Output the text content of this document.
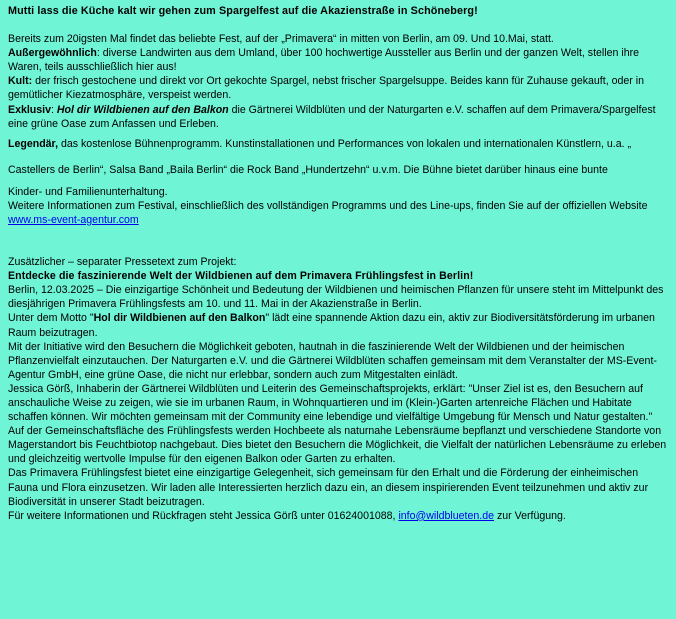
Mutti lass die Küche kalt wir gehen zum Spargelfest auf die Akazienstraße in Schöneberg!

Bereits zum 20igsten Mal findet das beliebte Fest, auf der „Primavera“ in mitten von Berlin, am 09. Und 10.Mai, statt.

Außergewöhnlich: diverse Landwirten aus dem Umland, über 100 hochwertige Aussteller aus Berlin und der ganzen Welt, stellen ihre Waren, teils ausschließlich hier aus!

Kult: der frisch gestochene und direkt vor Ort gekochte Spargel, nebst frischer Spargelsuppe. Beides kann für Zuhause gekauft, oder in gemütlicher Kiezatmosphäre, verspeist werden.

Exklusiv: Hol dir Wildbienen auf den Balkon die Gärtnerei Wildblüten und der Naturgarten e.V. schaffen auf dem Primavera/Spargelfest eine grüne Oase zum Anfassen und Erleben.

Legendär, das kostenlose Bühnenprogramm. Kunstinstallationen und Performances von lokalen und internationalen Künstlern, u.a. „

Castellers de Berlin“, Salsa Band „Baila Berlin“ die Rock Band „Hundertzehn“ u.v.m. Die Bühne bietet darüber hinaus eine bunte

Kinder- und Familienunterhaltung.

Weitere Informationen zum Festival, einschließlich des vollständigen Programms und des Line-ups, finden Sie auf der offiziellen Website www.ms-event-agentur.com

Zusätzlicher – separater Pressetext zum Projekt:

Entdecke die faszinierende Welt der Wildbienen auf dem Primavera Frühlingsfest in Berlin!

Berlin, 12.03.2025 – Die einzigartige Schönheit und Bedeutung der Wildbienen und heimischen Pflanzen für unsere steht im Mittelpunkt des diesjährigen Primavera Frühlingsfests am 10. und 11. Mai in der Akazienstraße in Berlin.

Unter dem Motto "Hol dir Wildbienen auf den Balkon" lädt eine spannende Aktion dazu ein, aktiv zur Biodiversitätsförderung im urbanen Raum beizutragen.

Mit der Initiative wird den Besuchern die Möglichkeit geboten, hautnah in die faszinierende Welt der Wildbienen und der heimischen Pflanzenvielfalt einzutauchen. Der Naturgarten e.V. und die Gärtnerei Wildblüten schaffen gemeinsam mit dem Veranstalter der MS-Event-Agentur GmbH, eine grüne Oase, die nicht nur erlebbar, sondern auch zum Mitgestalten einlädt.

Jessica Görß, Inhaberin der Gärtnerei Wildblüten und Leiterin des Gemeinschaftsprojekts, erklärt: "Unser Ziel ist es, den Besuchern auf anschauliche Weise zu zeigen, wie sie im urbanen Raum, in Wohnquartieren und im (Klein-)Garten artenreiche Flächen und Habitate schaffen können. Wir möchten gemeinsam mit der Community eine lebendige und vielfältige Umgebung für Mensch und Natur gestalten."

Auf der Gemeinschaftsfläche des Frühlingsfests werden Hochbeete als naturnahe Lebensräume bepflanzt und verschiedene Standorte von Magerstandort bis Feuchtbiotop nachgebaut. Dies bietet den Besuchern die Möglichkeit, die Vielfalt der natürlichen Lebensräume zu erleben und gleichzeitig wertvolle Impulse für den eigenen Balkon oder Garten zu erhalten.

Das Primavera Frühlingsfest bietet eine einzigartige Gelegenheit, sich gemeinsam für den Erhalt und die Förderung der einheimischen Fauna und Flora einzusetzen. Wir laden alle Interessierten herzlich dazu ein, an diesem inspirierenden Event teilzunehmen und aktiv zur Biodiversität in unserer Stadt beizutragen.

Für weitere Informationen und Rückfragen steht Jessica Görß unter 01624001088, info@wildblueten.de zur Verfügung.
